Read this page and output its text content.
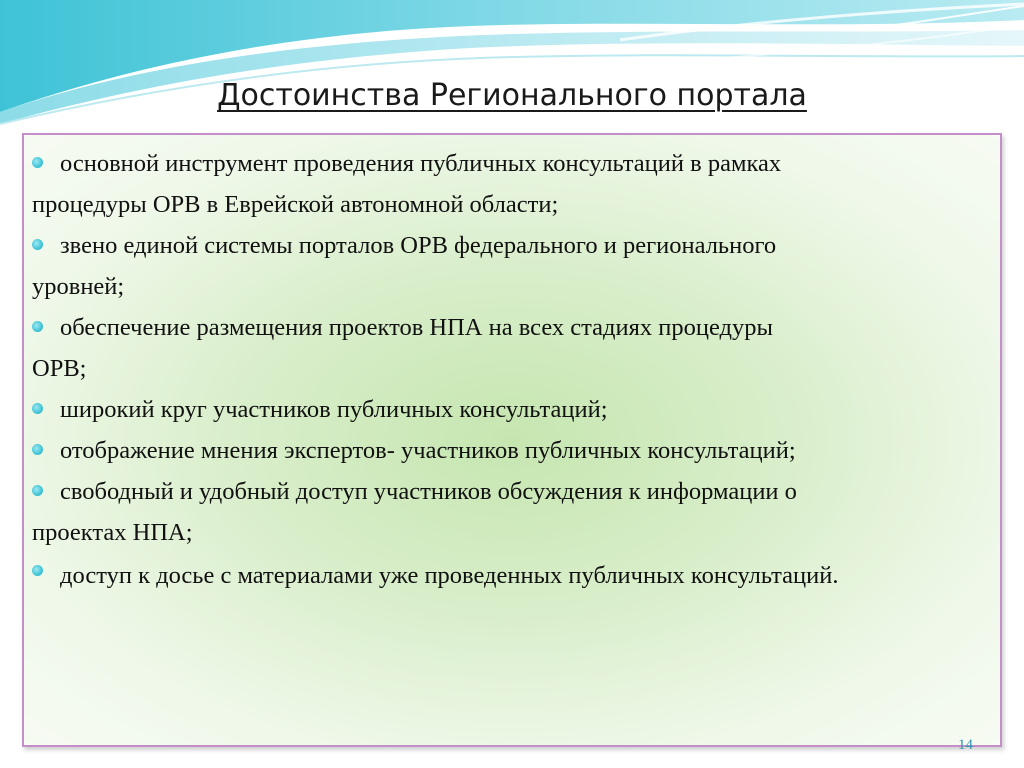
Достоинства Регионального портала
основной инструмент проведения публичных консультаций в рамках
процедуры ОРВ в Еврейской автономной области;
звено единой системы порталов ОРВ федерального и регионального
уровней;
обеспечение размещения проектов НПА на всех стадиях процедуры
ОРВ;
широкий круг участников публичных консультаций;
отображение мнения экспертов- участников публичных консультаций;
свободный и удобный доступ участников обсуждения к информации о
проектах НПА;
доступ к досье с материалами уже проведенных публичных консультаций.
14
